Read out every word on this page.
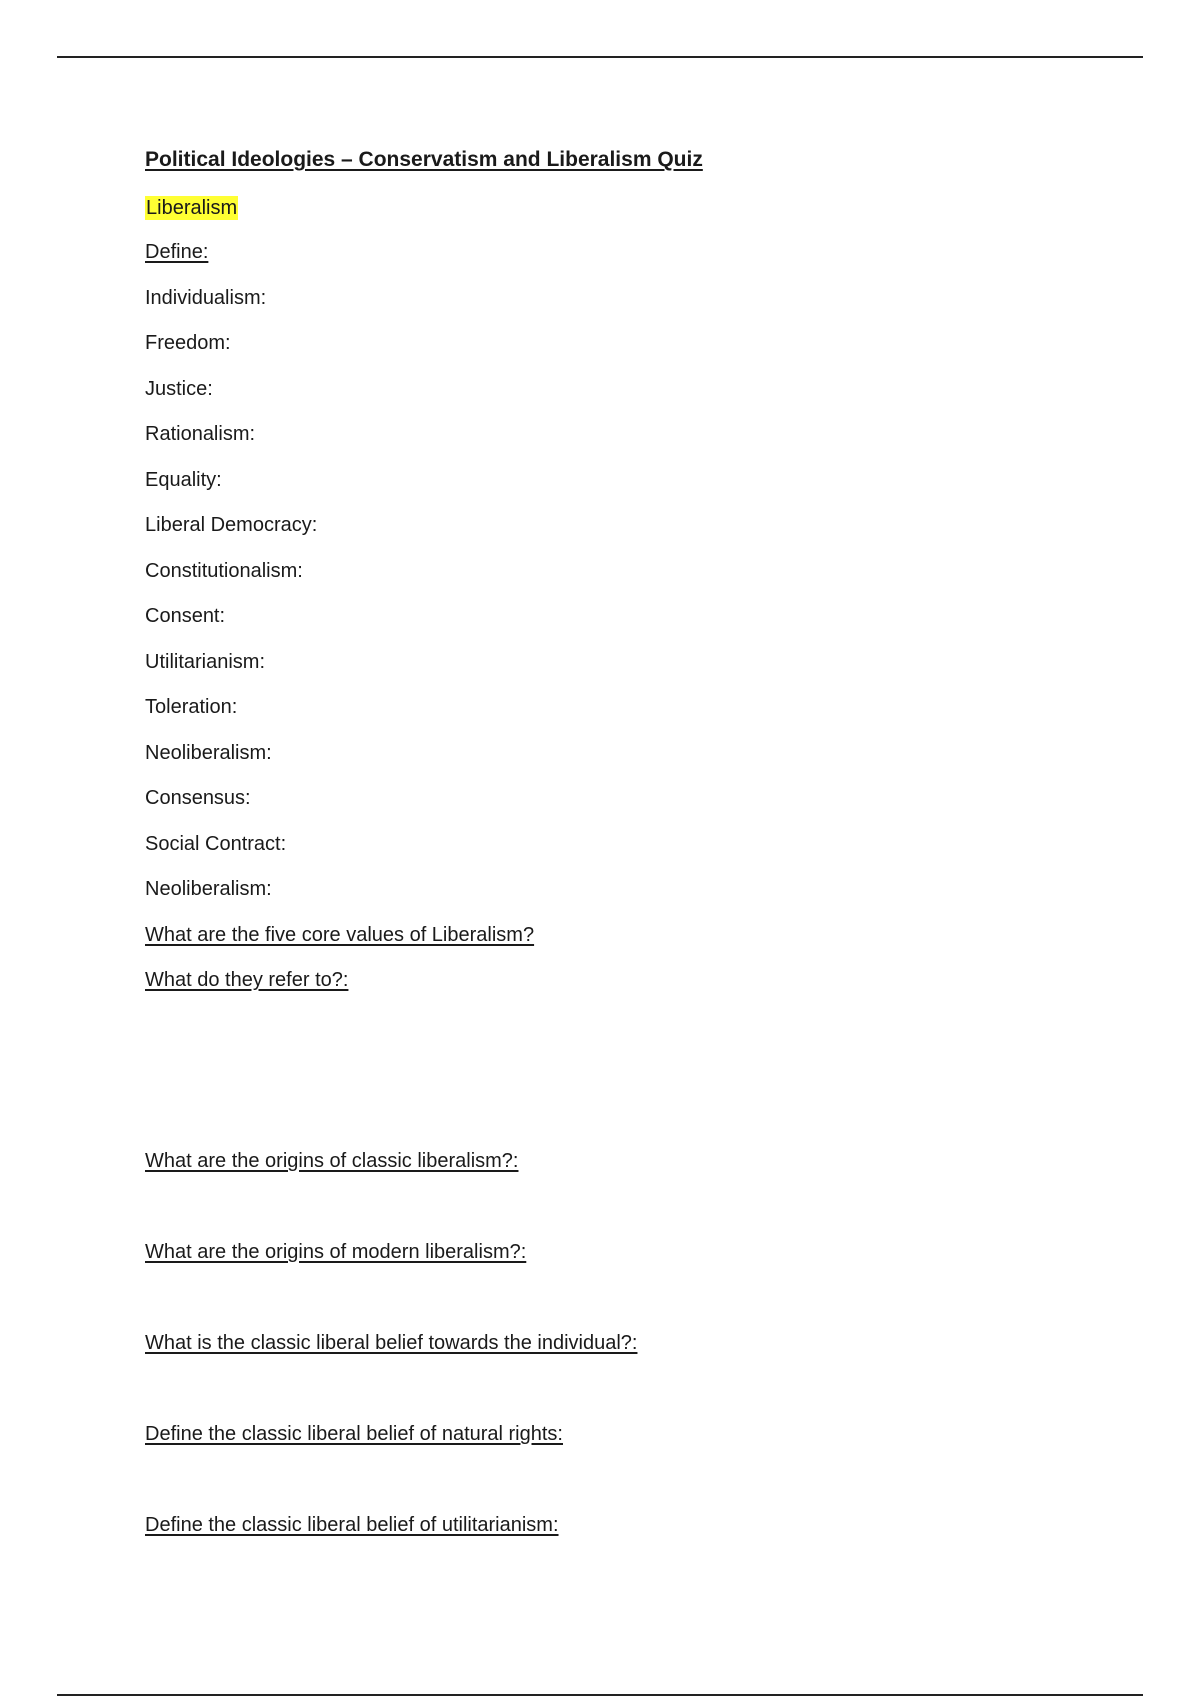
Political Ideologies – Conservatism and Liberalism Quiz
Liberalism
Define:
Individualism:
Freedom:
Justice:
Rationalism:
Equality:
Liberal Democracy:
Constitutionalism:
Consent:
Utilitarianism:
Toleration:
Neoliberalism:
Consensus:
Social Contract:
Neoliberalism:
What are the five core values of Liberalism?
What do they refer to?:
What are the origins of classic liberalism?:
What are the origins of modern liberalism?:
What is the classic liberal belief towards the individual?:
Define the classic liberal belief of natural rights:
Define the classic liberal belief of utilitarianism:
